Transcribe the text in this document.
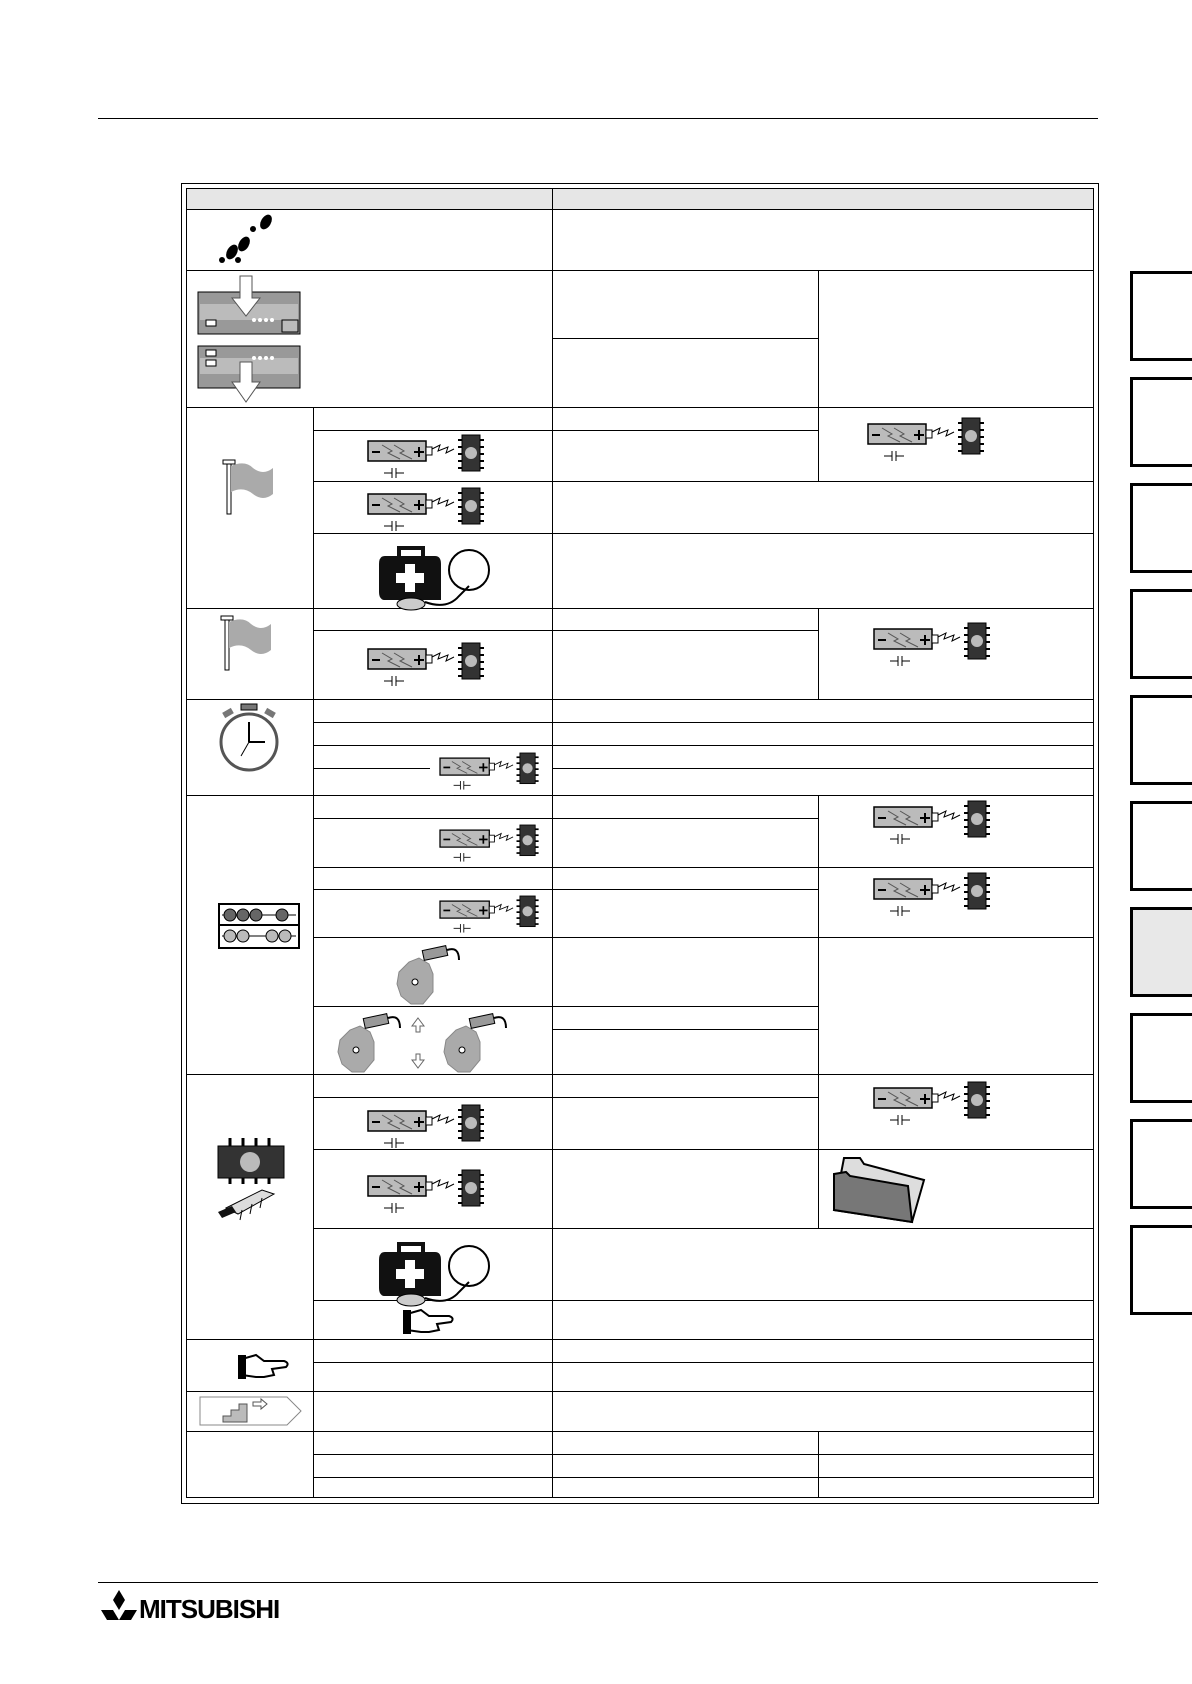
MITSUBISHI
